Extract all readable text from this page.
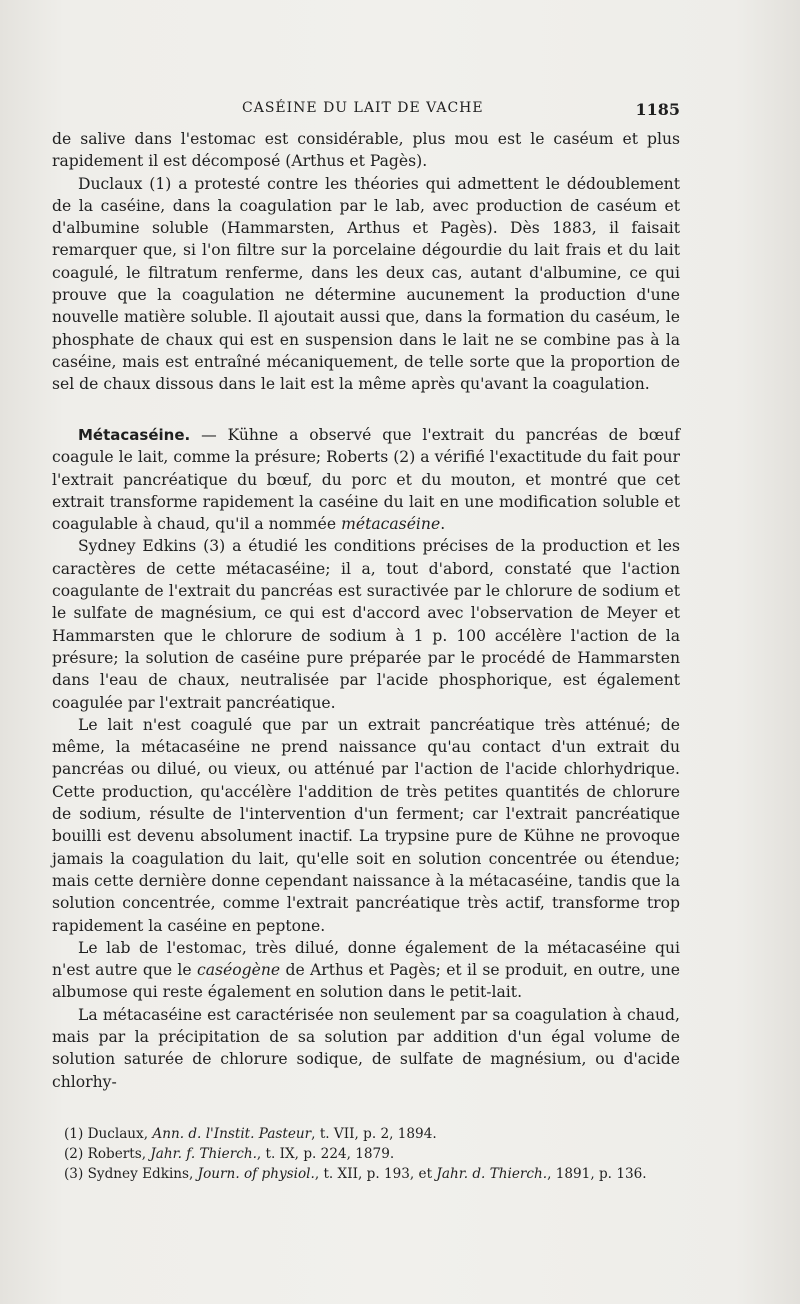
CASÉINE DU LAIT DE VACHE	1185

de salive dans l'estomac est considérable, plus mou est le caséum et plus rapidement il est décomposé (Arthus et Pagès).

Duclaux (1) a protesté contre les théories qui admettent le dédoublement de la caséine, dans la coagulation par le lab, avec production de caséum et d'albumine soluble (Hammarsten, Arthus et Pagès). Dès 1883, il faisait remarquer que, si l'on filtre sur la porcelaine dégourdie du lait frais et du lait coagulé, le filtratum renferme, dans les deux cas, autant d'albumine, ce qui prouve que la coagulation ne détermine aucunement la production d'une nouvelle matière soluble. Il ajoutait aussi que, dans la formation du caséum, le phosphate de chaux qui est en suspension dans le lait ne se combine pas à la caséine, mais est entraîné mécaniquement, de telle sorte que la proportion de sel de chaux dissous dans le lait est la même après qu'avant la coagulation.

Métacaséine. — Kühne a observé que l'extrait du pancréas de bœuf coagule le lait, comme la présure; Roberts (2) a vérifié l'exactitude du fait pour l'extrait pancréatique du bœuf, du porc et du mouton, et montré que cet extrait transforme rapidement la caséine du lait en une modification soluble et coagulable à chaud, qu'il a nommée métacaséine.

Sydney Edkins (3) a étudié les conditions précises de la production et les caractères de cette métacaséine; il a, tout d'abord, constaté que l'action coagulante de l'extrait du pancréas est suractivée par le chlorure de sodium et le sulfate de magnésium, ce qui est d'accord avec l'observation de Meyer et Hammarsten que le chlorure de sodium à 1 p. 100 accélère l'action de la présure; la solution de caséine pure préparée par le procédé de Hammarsten dans l'eau de chaux, neutralisée par l'acide phosphorique, est également coagulée par l'extrait pancréatique.

Le lait n'est coagulé que par un extrait pancréatique très atténué; de même, la métacaséine ne prend naissance qu'au contact d'un extrait du pancréas ou dilué, ou vieux, ou atténué par l'action de l'acide chlorhydrique. Cette production, qu'accélère l'addition de très petites quantités de chlorure de sodium, résulte de l'intervention d'un ferment; car l'extrait pancréatique bouilli est devenu absolument inactif. La trypsine pure de Kühne ne provoque jamais la coagulation du lait, qu'elle soit en solution concentrée ou étendue; mais cette dernière donne cependant naissance à la métacaséine, tandis que la solution concentrée, comme l'extrait pancréatique très actif, transforme trop rapidement la caséine en peptone.

Le lab de l'estomac, très dilué, donne également de la métacaséine qui n'est autre que le caséogène de Arthus et Pagès; et il se produit, en outre, une albumose qui reste également en solution dans le petit-lait.

La métacaséine est caractérisée non seulement par sa coagulation à chaud, mais par la précipitation de sa solution par addition d'un égal volume de solution saturée de chlorure sodique, de sulfate de magnésium, ou d'acide chlorhy-

(1) Duclaux, Ann. d. l'Instit. Pasteur, t. VII, p. 2, 1894.

(2) Roberts, Jahr. f. Thierch., t. IX, p. 224, 1879.

(3) Sydney Edkins, Journ. of physiol., t. XII, p. 193, et Jahr. d. Thierch., 1891, p. 136.
